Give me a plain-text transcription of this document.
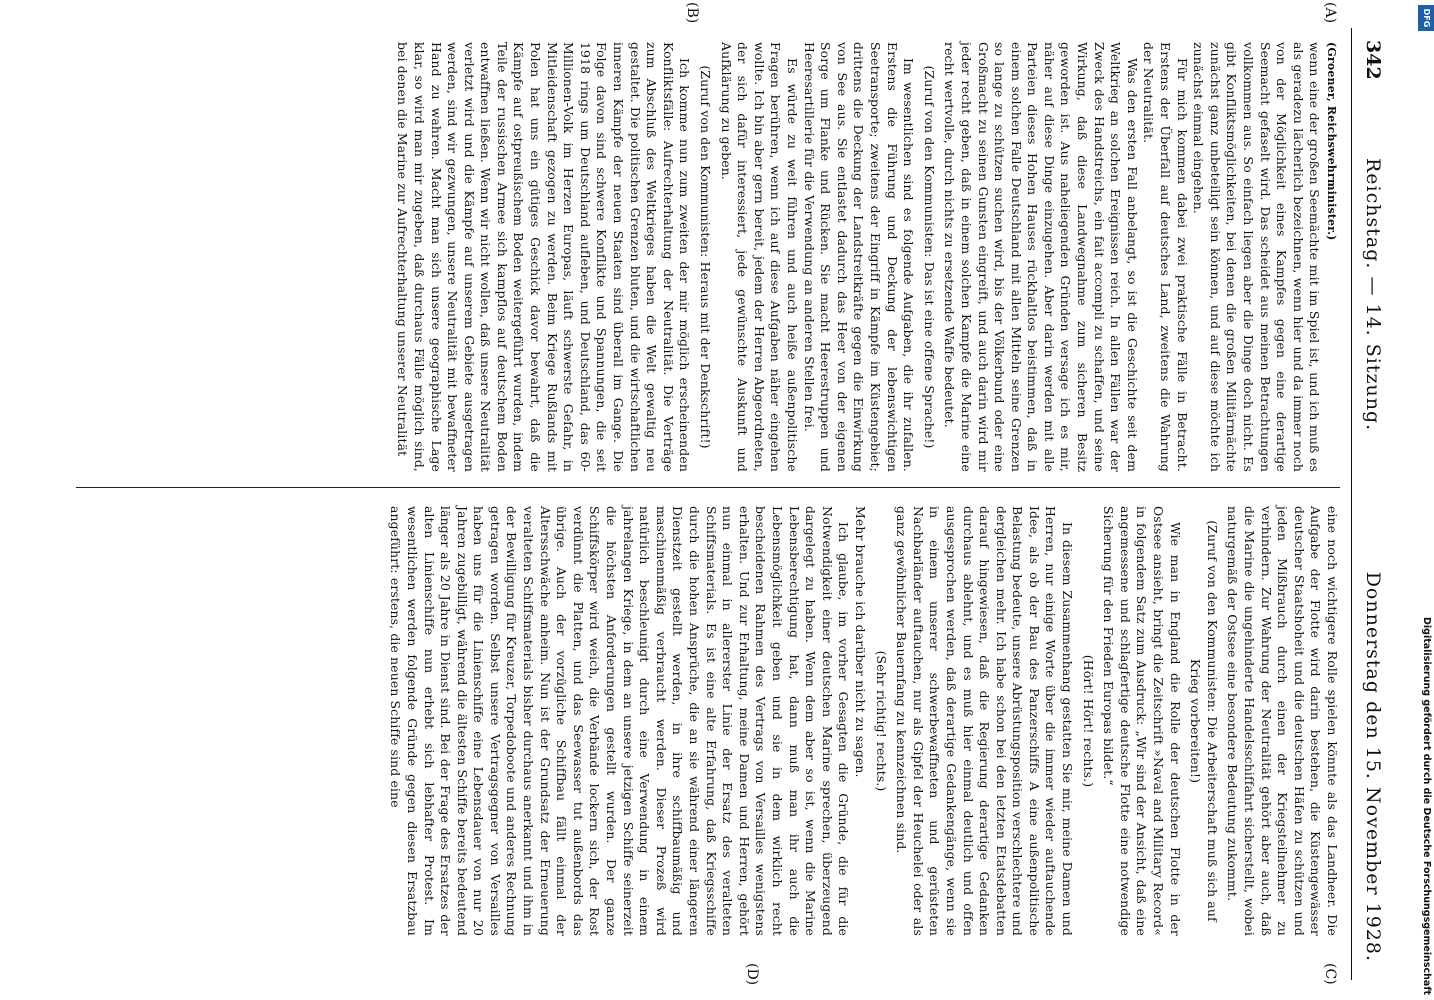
342
Reichstag. — 14. Sitzung.
Donnerstag den 15. November 1928.
(A)
(B)
(C)
(D)

(Groener, Reichswehrminister.)

wenn eine der großen Seemächte mit im Spiel ist, und ich muß es als geradezu lächerlich bezeichnen, wenn hier und da immer noch von der Möglichkeit eines Kampfes gegen eine derartige Seemacht gefaselt wird. Das scheidet aus meinen Betrachtungen vollkommen aus. So einfach liegen aber die Dinge doch nicht. Es gibt Konfliktsmöglichkeiten, bei denen die großen Militärmächte zunächst ganz unbeteiligt sein können, und auf diese möchte ich zunächst einmal eingehen.

Für mich kommen dabei zwei praktische Fälle in Betracht. Erstens der Überfall auf deutsches Land, zweitens die Wahrung der Neutralität.

Was den ersten Fall anbelangt, so ist die Geschichte seit dem Weltkrieg an solchen Ereignissen reich. In allen Fällen war der Zweck des Handstreichs, ein fait accompli zu schaffen, und seine Wirkung, daß diese Landwegnahme zum sicheren Besitz geworden ist. Aus naheliegenden Gründen versage ich es mir, näher auf diese Dinge einzugehen. Aber darin werden mit alle Parteien dieses Hohen Hauses rückhaltlos beistimmen, daß in einem solchen Falle Deutschland mit allen Mitteln seine Grenzen so lange zu schützen suchen wird, bis der Völkerbund oder eine Großmacht zu seinen Gunsten eingreift, und auch darin wird mir jeder recht geben, daß in einem solchen Kampfe die Marine eine recht wertvolle, durch nichts zu ersetzende Waffe bedeutet.

(Zuruf von den Kommunisten: Das ist eine offene Sprache!)

Im wesentlichen sind es folgende Aufgaben, die ihr zufallen. Erstens die Führung und Deckung der lebenswichtigen Seetransporte; zweitens der Eingriff in Kämpfe im Küstengebiet; drittens die Deckung der Landstreitkräfte gegen die Einwirkung von See aus. Sie entlastet dadurch das Heer von der eigenen Sorge um Flanke und Rücken. Sie macht Heerestruppen und Heeresartillerie für die Verwendung an anderen Stellen frei.

Es würde zu weit führen und auch heiße außenpolitische Fragen berühren, wenn ich auf diese Aufgaben näher eingehen wollte. Ich bin aber gern bereit, jedem der Herren Abgeordneten, der sich dafür interessiert, jede gewünschte Auskunft und Aufklärung zu geben.

(Zuruf von den Kommunisten: Heraus mit der Denkschrift!)

Ich komme nun zum zweiten der mir möglich erscheinenden Konfliktsfälle: Aufrechterhaltung der Neutralität. Die Verträge zum Abschluß des Weltkrieges haben die Welt gewaltig neu gestaltet. Die politischen Grenzen bluten, und die wirtschaftlichen inneren Kämpfe der neuen Staaten sind überall im Gange. Die Folge davon sind schwere Konflikte und Spannungen, die seit 1918 rings um Deutschland aufleben, und Deutschland, das 60-Millionen-Volk im Herzen Europas, läuft schwerste Gefahr, in Mitleidenschaft gezogen zu werden. Beim Kriege Rußlands mit Polen hat uns ein gütiges Geschick davor bewahrt, daß die Kämpfe auf ostpreußischem Boden weitergeführt wurden, indem Teile der russischen Armee sich kampflos auf deutschem Boden entwaffnen ließen. Wenn wir nicht wollen, daß unsere Neutralität verletzt wird und die Kämpfe auf unserem Gebiete ausgetragen werden, sind wir gezwungen, unsere Neutralität mit bewaffneter Hand zu wahren. Macht man sich unsere geographische Lage klar, so wird man mir zugeben, daß durchaus Fälle möglich sind, bei denen die Marine zur Aufrechterhaltung unserer Neutralität

eine noch wichtigere Rolle spielen könnte als das Landheer. Die Aufgabe der Flotte wird darin bestehen, die Küstengewässer deutscher Staatshoheit und die deutschen Häfen zu schützen und jeden Mißbrauch durch einen der Kriegsteilnehmer zu verhindern. Zur Wahrung der Neutralität gehört aber auch, daß die Marine die ungehinderte Handelsschiffahrt sicherstellt, wobei naturgemäß der Ostsee eine besondere Bedeutung zukommt.

(Zuruf von den Kommunisten: Die Arbeiterschaft muß sich auf Krieg vorbereiten!)

Wie man in England die Rolle der deutschen Flotte in der Ostsee ansieht, bringt die Zeitschrift »Naval and Military Record« in folgendem Satz zum Ausdruck: „Wir sind der Ansicht, daß eine angemessene und schlagfertige deutsche Flotte eine notwendige Sicherung für den Frieden Europas bildet.“

(Hört! Hört! rechts.)

In diesem Zusammenhang gestatten Sie mir, meine Damen und Herren, nur einige Worte über die immer wieder auftauchende Idee, als ob der Bau des Panzerschiffs A eine außenpolitische Belastung bedeute, unsere Abrüstungsposition verschlechtere und dergleichen mehr. Ich habe schon bei den letzten Etatsdebatten darauf hingewiesen, daß die Regierung derartige Gedanken durchaus ablehnt, und es muß hier einmal deutlich und offen ausgesprochen werden, daß derartige Gedankengänge, wenn sie in einem unserer schwerbewaffneten und gerüsteten Nachbarländer auftauchen, nur als Gipfel der Heuchelei oder als ganz gewöhnlicher Bauernfang zu kennzeichnen sind.

(Sehr richtig! rechts.)

Mehr brauche ich darüber nicht zu sagen.

Ich glaube, im vorher Gesagten die Gründe, die für die Notwendigkeit einer deutschen Marine sprechen, überzeugend dargelegt zu haben. Wenn dem aber so ist, wenn die Marine Lebensberechtigung hat, dann muß man ihr auch die Lebensmöglichkeit geben und sie in dem wirklich recht bescheidenen Rahmen des Vertrags von Versailles wenigstens erhalten. Und zur Erhaltung, meine Damen und Herren, gehört nun einmal in allererster Linie der Ersatz des veralteten Schiffsmaterials. Es ist eine alte Erfahrung, daß Kriegsschiffe durch die hohen Ansprüche, die an sie während einer längeren Dienstzeit gestellt werden, in ihre schiffbaumäßig und maschinenmäßig verbraucht werden. Dieser Prozeß wird natürlich beschleunigt durch eine Verwendung in einem jahrelangen Kriege, in dem an unsere jetzigen Schiffe seinerzeit die höchsten Anforderungen gestellt wurden. Der ganze Schiffskörper wird weich, die Verbände lockern sich, der Rost verdünnt die Platten, und das Seewasser tut außenbords das übrige. Auch der vorzügliche Schiffbau fällt einmal der Altersschwäche anheim. Nun ist der Grundsatz der Erneuerung veralteten Schiffsmaterials bisher durchaus anerkannt und ihm in der Bewilligung für Kreuzer, Torpedoboote und anderes Rechnung getragen worden. Selbst unsere Vertragsgegner von Versailles haben uns für die Linienschiffe eine Lebensdauer von nur 20 Jahren zugebilligt, während die ältesten Schiffe bereits bedeutend länger als 20 Jahre in Dienst sind. Bei der Frage des Ersatzes der alten Linienschiffe nun erhebt sich lebhafter Protest. Im wesentlichen werden folgende Gründe gegen diesen Ersatzbau angeführt: erstens, die neuen Schiffe sind eine	Digitalisierung gefördert durch die Deutsche Forschungsgemeinschaft
DFG
